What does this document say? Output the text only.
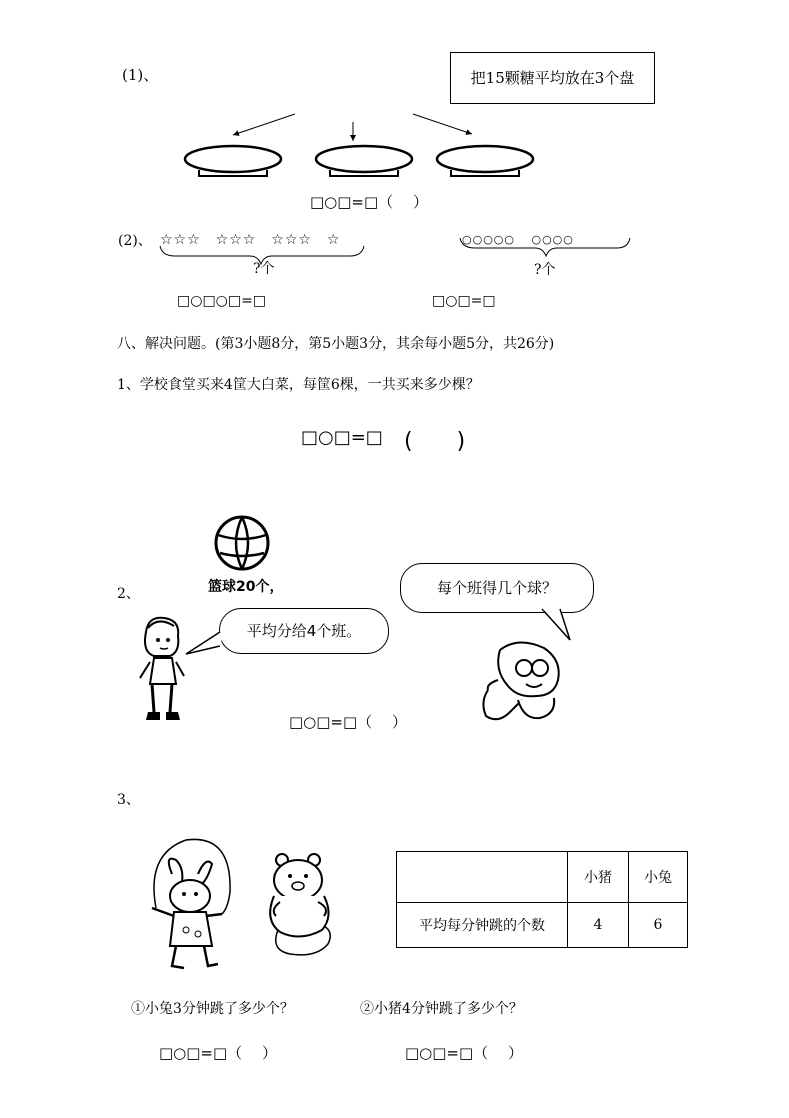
(1)、	把15颗糖平均放在3个盘
□○□=□（　 ）
(2)、 ☆☆☆　☆☆☆　☆☆☆　☆	○○○○○　 ○○○○
?个	?个
□○□○□=□	□○□=□
八、解决问题。(第3小题8分，第5小题3分，其余每小题5分，共26分)
1、学校食堂买来4筐大白菜，每筐6棵，一共买来多少棵？
□○□=□ (　　)
篮球20个，
2、
平均分给4个班。
每个班得几个球？
□○□=□（　 ）
3、
	小猪	小兔
平均每分钟跳的个数	4	6
①小兔3分钟跳了多少个？	②小猪4分钟跳了多少个？
□○□=□（　 ）	□○□=□（　 ）
